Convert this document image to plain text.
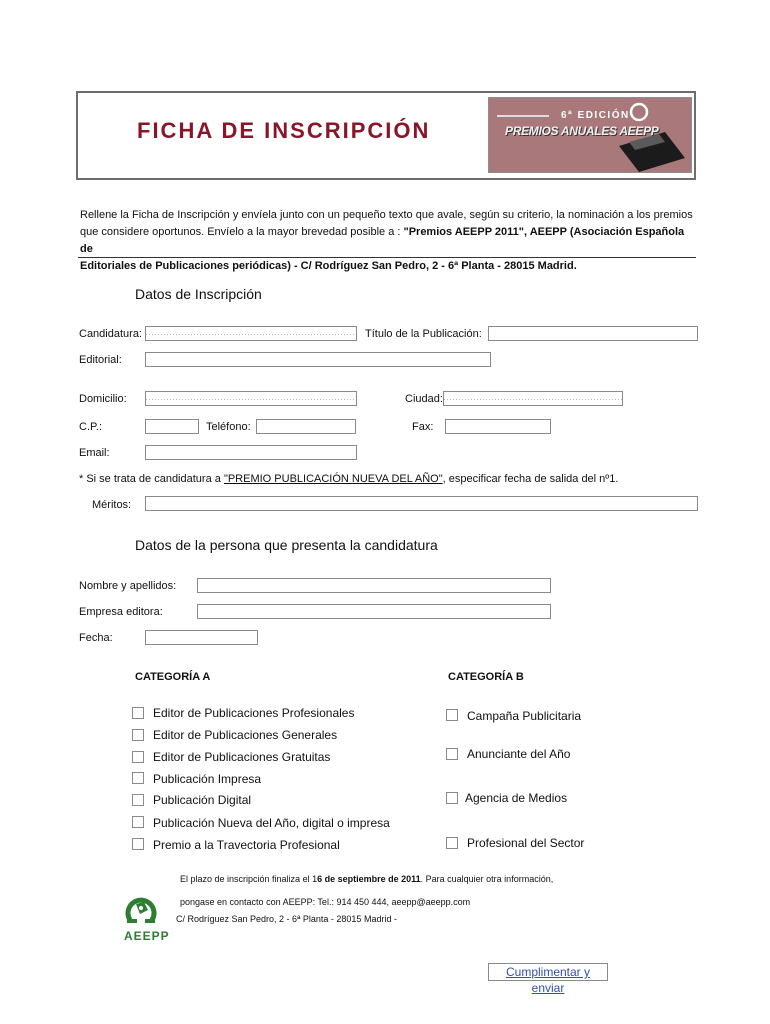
FICHA DE INSCRIPCIÓN
6ª EDICIÓN
PREMIOS ANUALES AEEPP
Rellene la Ficha de Inscripción y envíela junto con un pequeño texto que avale, según su criterio, la nominación a los premios
que considere oportunos. Envíelo a la mayor brevedad posible a : "Premios AEEPP 2011", AEEPP (Asociación Española de
Editoriales de Publicaciones periódicas) - C/ Rodríguez San Pedro, 2 - 6ª Planta - 28015 Madrid.
Datos de Inscripción
Candidatura:	Título de la Publicación:
Editorial:
Domicilio:	Ciudad:
C.P.:	Teléfono:	Fax:
Email:
* Si se trata de candidatura a "PREMIO PUBLICACIÓN NUEVA DEL AÑO", especificar fecha de salida del nº1.
Méritos:
Datos de la persona que presenta la candidatura
Nombre y apellidos:
Empresa editora:
Fecha:
CATEGORÍA A	CATEGORÍA B
Editor de Publicaciones Profesionales
Editor de Publicaciones Generales
Editor de Publicaciones Gratuitas
Publicación Impresa
Publicación Digital
Publicación Nueva del Año, digital o impresa
Premio a la Travectoria Profesional
Campaña Publicitaria
Anunciante del Año
Agencia de Medios
Profesional del Sector
AEEPP
El plazo de inscripción finaliza el 16 de septiembre de 2011. Para cualquier otra información,
pongase en contacto con AEEPP: Tel.: 914 450 444, aeepp@aeepp.com
C/ Rodríguez San Pedro, 2 - 6ª Planta - 28015 Madrid -
Cumplimentar y enviar
